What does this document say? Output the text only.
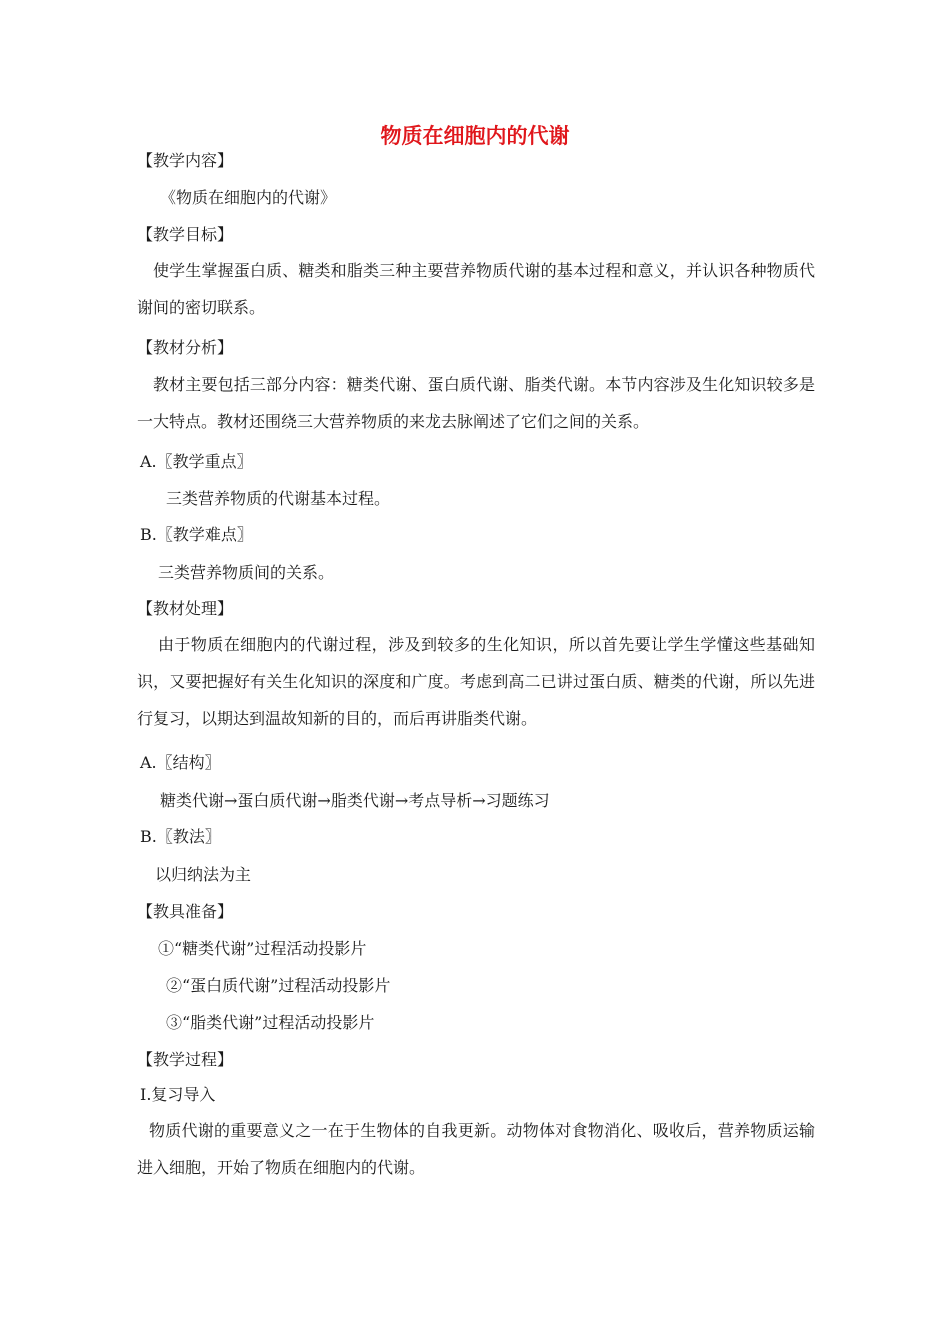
物质在细胞内的代谢
【教学内容】
《物质在细胞内的代谢》
【教学目标】
使学生掌握蛋白质、糖类和脂类三种主要营养物质代谢的基本过程和意义，并认识各种物质代谢间的密切联系。
【教材分析】
教材主要包括三部分内容：糖类代谢、蛋白质代谢、脂类代谢。本节内容涉及生化知识较多是一大特点。教材还围绕三大营养物质的来龙去脉阐述了它们之间的关系。
A.〖教学重点〗
三类营养物质的代谢基本过程。
B.〖教学难点〗
三类营养物质间的关系。
【教材处理】
由于物质在细胞内的代谢过程，涉及到较多的生化知识，所以首先要让学生学懂这些基础知识，又要把握好有关生化知识的深度和广度。考虑到高二已讲过蛋白质、糖类的代谢，所以先进行复习，以期达到温故知新的目的，而后再讲脂类代谢。
A.〖结构〗
糖类代谢→蛋白质代谢→脂类代谢→考点导析→习题练习
B.〖教法〗
以归纳法为主
【教具准备】
①“糖类代谢”过程活动投影片
②“蛋白质代谢”过程活动投影片
③“脂类代谢”过程活动投影片
【教学过程】
Ⅰ.复习导入
物质代谢的重要意义之一在于生物体的自我更新。动物体对食物消化、吸收后，营养物质运输进入细胞，开始了物质在细胞内的代谢。
